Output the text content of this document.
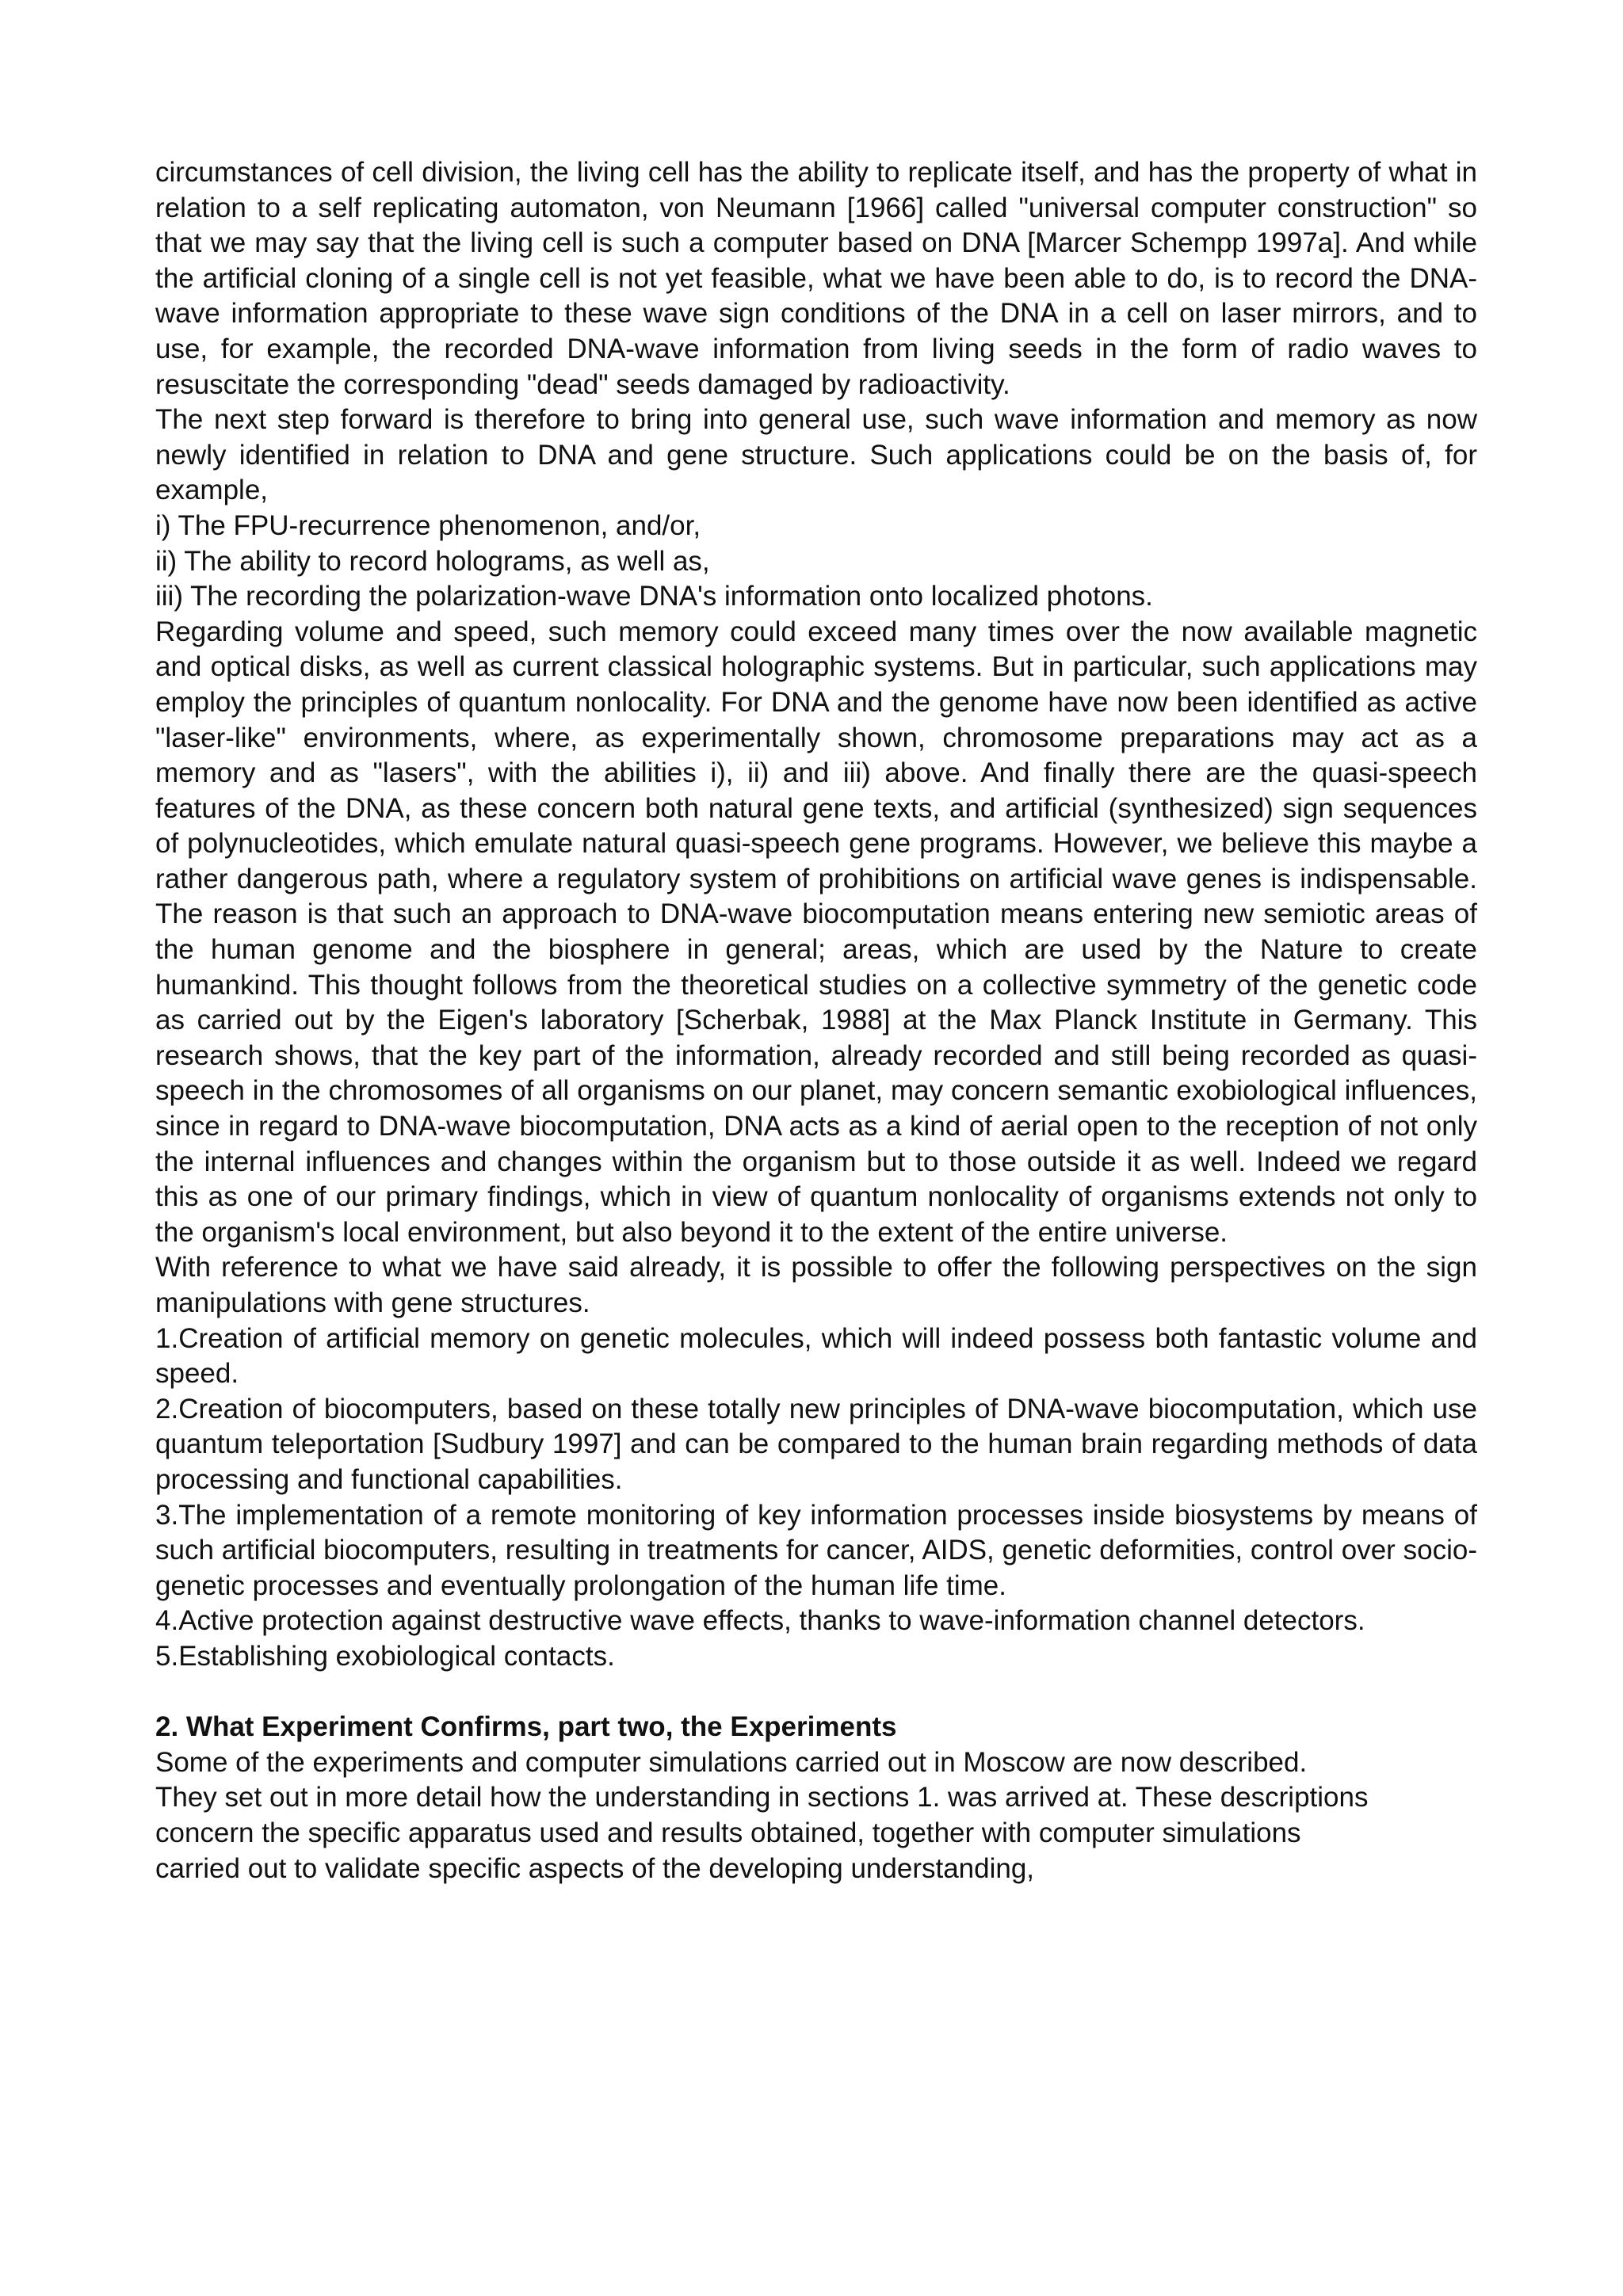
circumstances of cell division, the living cell has the ability to replicate itself, and has the property of what in relation to a self replicating automaton, von Neumann [1966] called "universal computer construction" so that we may say that the living cell is such a computer based on DNA [Marcer Schempp 1997a]. And while the artificial cloning of a single cell is not yet feasible, what we have been able to do, is to record the DNA-wave information appropriate to these wave sign conditions of the DNA in a cell on laser mirrors, and to use, for example, the recorded DNA-wave information from living seeds in the form of radio waves to resuscitate the corresponding "dead" seeds damaged by radioactivity.

The next step forward is therefore to bring into general use, such wave information and memory as now newly identified in relation to DNA and gene structure. Such applications could be on the basis of, for example,

i) The FPU-recurrence phenomenon, and/or,

ii) The ability to record holograms, as well as,

iii) The recording the polarization-wave DNA's information onto localized photons.

Regarding volume and speed, such memory could exceed many times over the now available magnetic and optical disks, as well as current classical holographic systems. But in particular, such applications may employ the principles of quantum nonlocality. For DNA and the genome have now been identified as active "laser-like" environments, where, as experimentally shown, chromosome preparations may act as a memory and as "lasers", with the abilities i), ii) and iii) above. And finally there are the quasi-speech features of the DNA, as these concern both natural gene texts, and artificial (synthesized) sign sequences of polynucleotides, which emulate natural quasi-speech gene programs. However, we believe this maybe a rather dangerous path, where a regulatory system of prohibitions on artificial wave genes is indispensable. The reason is that such an approach to DNA-wave biocomputation means entering new semiotic areas of the human genome and the biosphere in general; areas, which are used by the Nature to create humankind. This thought follows from the theoretical studies on a collective symmetry of the genetic code as carried out by the Eigen's laboratory [Scherbak, 1988] at the Max Planck Institute in Germany. This research shows, that the key part of the information, already recorded and still being recorded as quasi-speech in the chromosomes of all organisms on our planet, may concern semantic exobiological influences, since in regard to DNA-wave biocomputation, DNA acts as a kind of aerial open to the reception of not only the internal influences and changes within the organism but to those outside it as well. Indeed we regard this as one of our primary findings, which in view of quantum nonlocality of organisms extends not only to the organism's local environment, but also beyond it to the extent of the entire universe.

With reference to what we have said already, it is possible to offer the following perspectives on the sign manipulations with gene structures.

1.Creation of artificial memory on genetic molecules, which will indeed possess both fantastic volume and speed.

2.Creation of biocomputers, based on these totally new principles of DNA-wave biocomputation, which use quantum teleportation [Sudbury 1997] and can be compared to the human brain regarding methods of data processing and functional capabilities.

3.The implementation of a remote monitoring of key information processes inside biosystems by means of such artificial biocomputers, resulting in treatments for cancer, AIDS, genetic deformities, control over socio-genetic processes and eventually prolongation of the human life time.

4.Active protection against destructive wave effects, thanks to wave-information channel detectors.

5.Establishing exobiological contacts.

2. What Experiment Confirms, part two, the Experiments

Some of the experiments and computer simulations carried out in Moscow are now described.

They set out in more detail how the understanding in sections 1. was arrived at. These descriptions

concern the specific apparatus used and results obtained, together with computer simulations

carried out to validate specific aspects of the developing understanding,
